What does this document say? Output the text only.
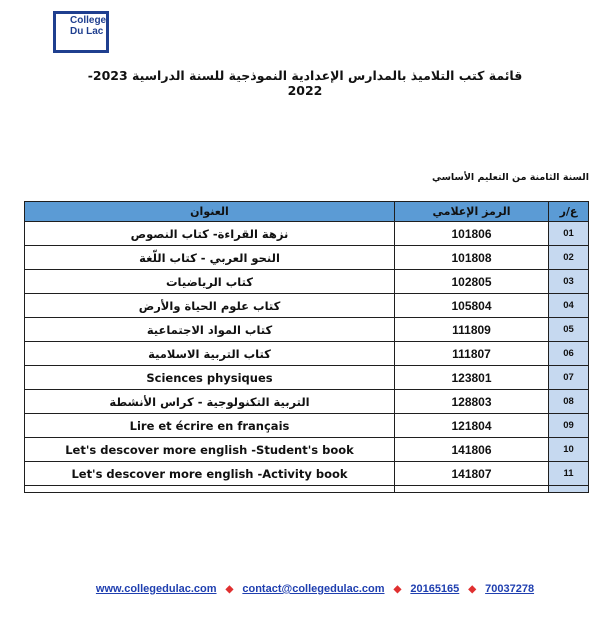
College
Du Lac
قائمة كتب التلاميذ بالمدارس الإعدادية النموذجية للسنة الدراسية 2023-2022
السنة الثامنة من التعليم الأساسي
العنوان	الرمز الإعلامي	ع/ر
نزهة القراءة- كتاب النصوص	101806	01
النحو العربي - كتاب اللّغة	101808	02
كتاب الرياضيات	102805	03
كتاب علوم الحياة والأرض	105804	04
كتاب المواد الاجتماعية	111809	05
كتاب التربية الاسلامية	111807	06
Sciences physiques	123801	07
التربية التكنولوجية - كراس الأنشطة	128803	08
Lire et écrire en français	121804	09
Let's descover more english -Student's book	141806	10
Let's descover more english -Activity book	141807	11

www.collegedulac.com ◆ contact@collegedulac.com ◆ 20165165 ◆ 70037278
